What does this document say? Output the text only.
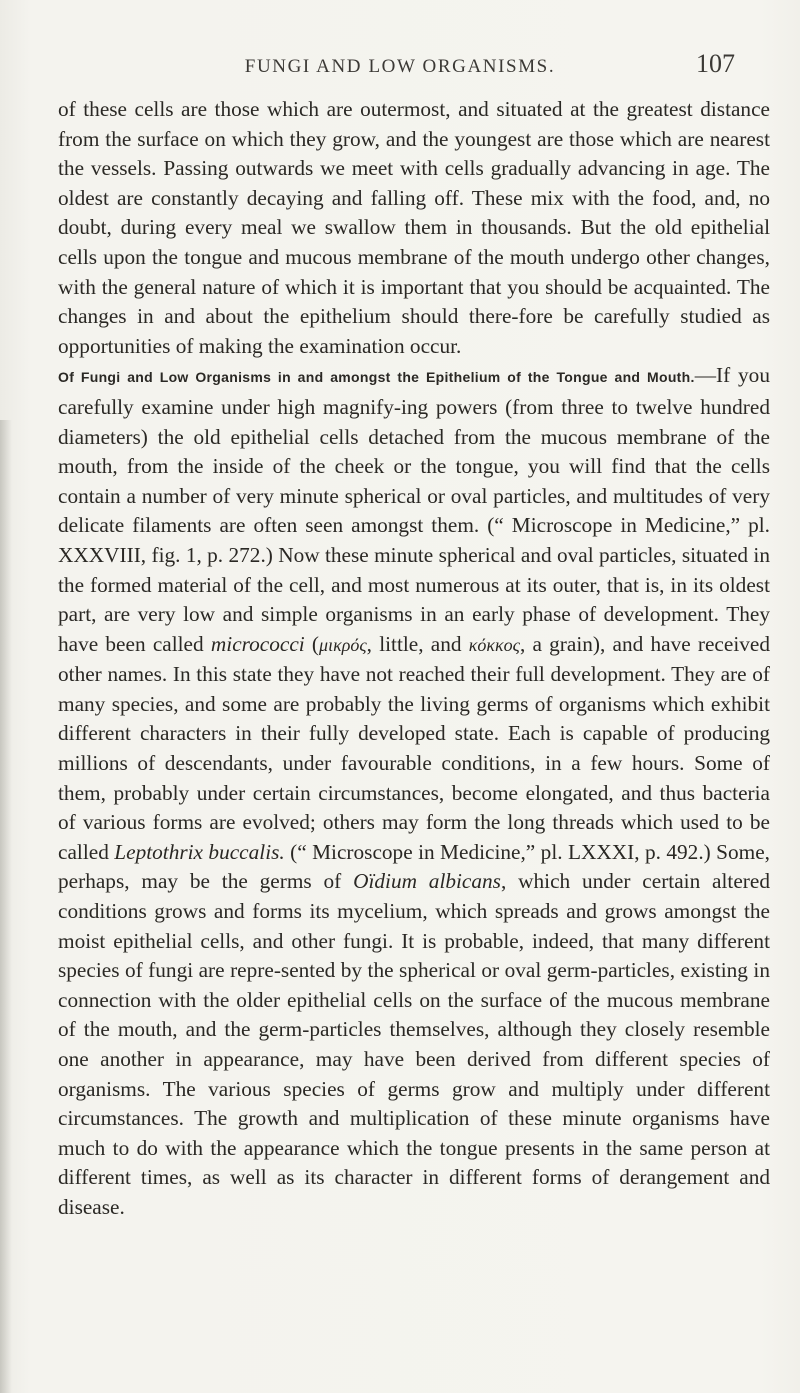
FUNGI AND LOW ORGANISMS.	107

of these cells are those which are outermost, and situated at the greatest distance from the surface on which they grow, and the youngest are those which are nearest the vessels. Passing outwards we meet with cells gradually advancing in age. The oldest are constantly decaying and falling off. These mix with the food, and, no doubt, during every meal we swallow them in thousands. But the old epithelial cells upon the tongue and mucous membrane of the mouth undergo other changes, with the general nature of which it is important that you should be acquainted. The changes in and about the epithelium should there-fore be carefully studied as opportunities of making the examination occur.

Of Fungi and Low Organisms in and amongst the Epithelium of the Tongue and Mouth.—If you carefully examine under high magnify-ing powers (from three to twelve hundred diameters) the old epithelial cells detached from the mucous membrane of the mouth, from the inside of the cheek or the tongue, you will find that the cells contain a number of very minute spherical or oval particles, and multitudes of very delicate filaments are often seen amongst them. (“ Microscope in Medicine,” pl. XXXVIII, fig. 1, p. 272.) Now these minute spherical and oval particles, situated in the formed material of the cell, and most numerous at its outer, that is, in its oldest part, are very low and simple organisms in an early phase of development. They have been called micrococci (μικρός, little, and κόκκος, a grain), and have received other names. In this state they have not reached their full development. They are of many species, and some are probably the living germs of organisms which exhibit different characters in their fully developed state. Each is capable of producing millions of descendants, under favourable conditions, in a few hours. Some of them, probably under certain circumstances, become elongated, and thus bacteria of various forms are evolved; others may form the long threads which used to be called Leptothrix buccalis. (“ Microscope in Medicine,” pl. LXXXI, p. 492.) Some, perhaps, may be the germs of Oïdium albicans, which under certain altered conditions grows and forms its mycelium, which spreads and grows amongst the moist epithelial cells, and other fungi. It is probable, indeed, that many different species of fungi are repre-sented by the spherical or oval germ-particles, existing in connection with the older epithelial cells on the surface of the mucous membrane of the mouth, and the germ-particles themselves, although they closely resemble one another in appearance, may have been derived from different species of organisms. The various species of germs grow and multiply under different circumstances. The growth and multiplication of these minute organisms have much to do with the appearance which the tongue presents in the same person at different times, as well as its character in different forms of derangement and disease.
